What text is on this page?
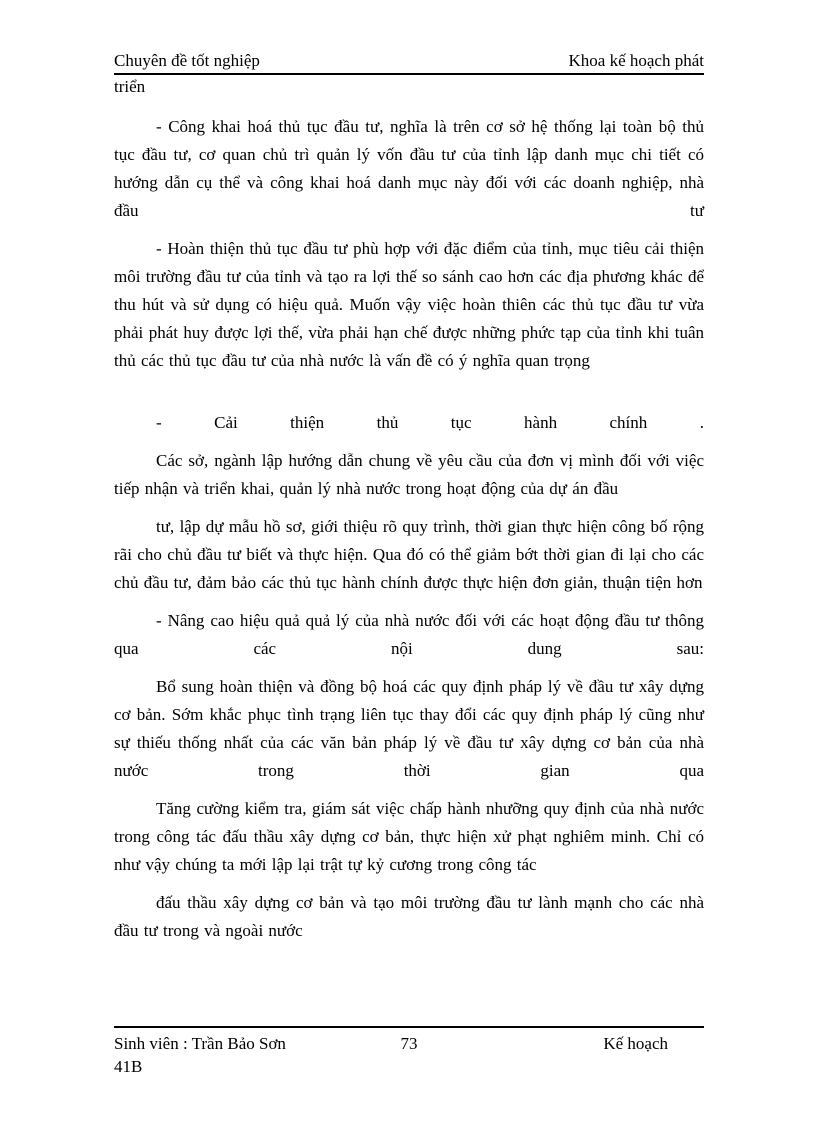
Chuyên đề tốt nghiệp	Khoa kế hoạch phát
triển

- Công khai hoá thủ tục đầu tư, nghĩa là trên cơ sở hệ thống lại toàn bộ thủ tục đầu tư, cơ quan chủ trì quản lý vốn đầu tư của tỉnh lập danh mục chi tiết có hướng dẫn cụ thể và công khai hoá danh mục này đối với các doanh nghiệp, nhà đầu tư

- Hoàn thiện thủ tục đầu tư phù hợp với đặc điểm của tỉnh, mục tiêu cải thiện môi trường đầu tư của tỉnh và tạo ra lợi thế so sánh cao hơn các địa phương khác để thu hút và sử dụng có hiệu quả. Muốn vậy việc hoàn thiên các thủ tục đầu tư vừa phải phát huy được lợi thế, vừa phải hạn chế được những phức tạp của tỉnh khi tuân thủ các thủ tục đầu tư của nhà nước là vấn đề có ý nghĩa quan trọng

- Cải thiện thủ tục hành chính .

Các sở, ngành lập hướng dẫn chung về yêu cầu của đơn vị mình đối với việc tiếp nhận và triển khai, quản lý nhà nước trong hoạt động của dự án đầu

tư, lập dự mẫu hồ sơ, giới thiệu rõ quy trình, thời gian thực hiện công bố rộng rãi cho chủ đầu tư biết và thực hiện. Qua đó có thể giảm bớt thời gian đi lại cho các chủ đầu tư, đảm bảo các thủ tục hành chính được thực hiện đơn giản, thuận tiện hơn

- Nâng cao hiệu quả quả lý của nhà nước đối với các hoạt động đầu tư thông qua các nội dung sau:

Bổ sung hoàn thiện và đồng bộ hoá các quy định pháp lý về đầu tư xây dựng cơ bản. Sớm khắc phục tình trạng liên tục thay đổi các quy định pháp lý cũng như sự thiếu thống nhất của các văn bản pháp lý về đầu tư xây dựng cơ bản của nhà nước trong thời gian qua

Tăng cường kiểm tra, giám sát việc chấp hành nhưỡng quy định của nhà nước trong công tác đấu thầu xây dựng cơ bản, thực hiện xử phạt nghiêm minh. Chỉ có như vậy chúng ta mới lập lại trật tự kỷ cương trong công tác

đấu thầu xây dựng cơ bản và tạo môi trường đầu tư lành mạnh cho các nhà đầu tư trong và ngoài nước

Sinh viên : Trần Bảo Sơn	73	Kế hoạch
41B
